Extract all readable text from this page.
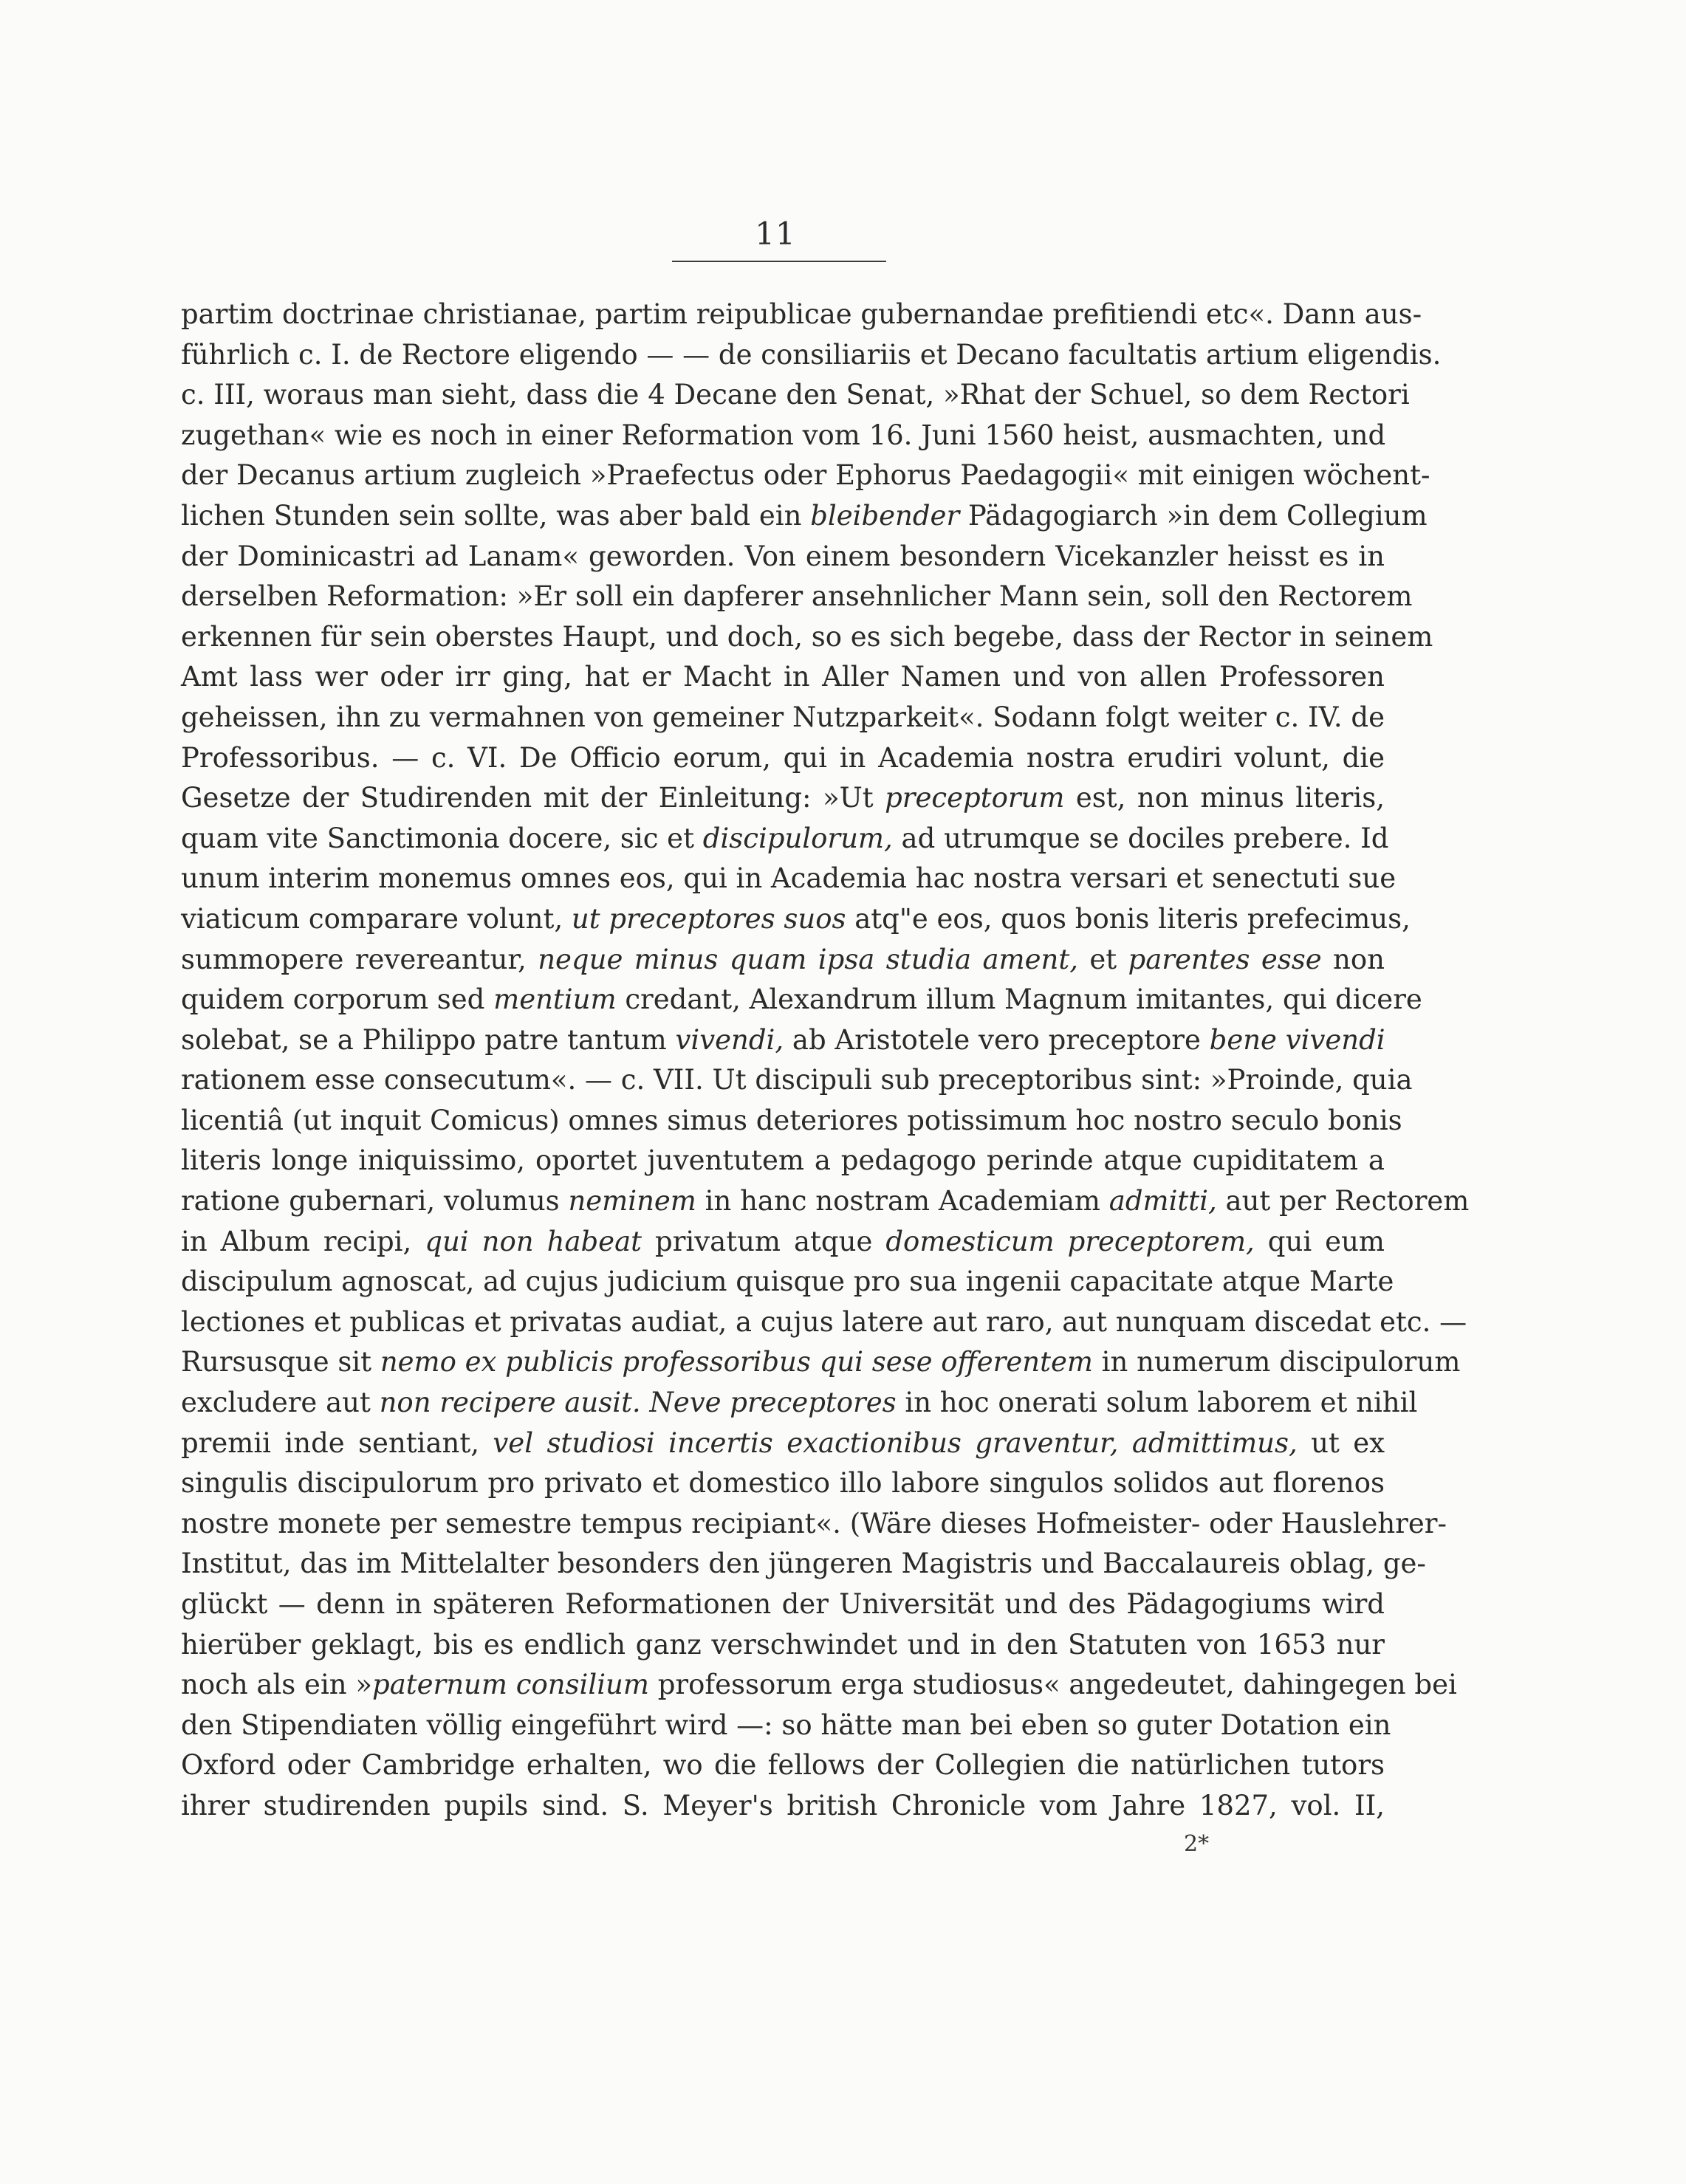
11
partim doctrinae christianae, partim reipublicae gubernandae prefitiendi etc«. Dann aus-
führlich c. I. de Rectore eligendo — — de consiliariis et Decano facultatis artium eligendis.
c. III, woraus man sieht, dass die 4 Decane den Senat, »Rhat der Schuel, so dem Rectori
zugethan« wie es noch in einer Reformation vom 16. Juni 1560 heist, ausmachten, und
der Decanus artium zugleich »Praefectus oder Ephorus Paedagogii« mit einigen wöchent-
lichen Stunden sein sollte, was aber bald ein bleibender Pädagogiarch »in dem Collegium
der Dominicastri ad Lanam« geworden. Von einem besondern Vicekanzler heisst es in
derselben Reformation: »Er soll ein dapferer ansehnlicher Mann sein, soll den Rectorem
erkennen für sein oberstes Haupt, und doch, so es sich begebe, dass der Rector in seinem
Amt lass wer oder irr ging, hat er Macht in Aller Namen und von allen Professoren
geheissen, ihn zu vermahnen von gemeiner Nutzparkeit«. Sodann folgt weiter c. IV. de
Professoribus. — c. VI. De Officio eorum, qui in Academia nostra erudiri volunt, die
Gesetze der Studirenden mit der Einleitung: »Ut preceptorum est, non minus literis,
quam vite Sanctimonia docere, sic et discipulorum, ad utrumque se dociles prebere. Id
unum interim monemus omnes eos, qui in Academia hac nostra versari et senectuti sue
viaticum comparare volunt, ut preceptores suos atq"e eos, quos bonis literis prefecimus,
summopere revereantur, neque minus quam ipsa studia ament, et parentes esse non
quidem corporum sed mentium credant, Alexandrum illum Magnum imitantes, qui dicere
solebat, se a Philippo patre tantum vivendi, ab Aristotele vero preceptore bene vivendi
rationem esse consecutum«. — c. VII. Ut discipuli sub preceptoribus sint: »Proinde, quia
licentiâ (ut inquit Comicus) omnes simus deteriores potissimum hoc nostro seculo bonis
literis longe iniquissimo, oportet juventutem a pedagogo perinde atque cupiditatem a
ratione gubernari, volumus neminem in hanc nostram Academiam admitti, aut per Rectorem
in Album recipi, qui non habeat privatum atque domesticum preceptorem, qui eum
discipulum agnoscat, ad cujus judicium quisque pro sua ingenii capacitate atque Marte
lectiones et publicas et privatas audiat, a cujus latere aut raro, aut nunquam discedat etc. —
Rursusque sit nemo ex publicis professoribus qui sese offerentem in numerum discipulorum
excludere aut non recipere ausit. Neve preceptores in hoc onerati solum laborem et nihil
premii inde sentiant, vel studiosi incertis exactionibus graventur, admittimus, ut ex
singulis discipulorum pro privato et domestico illo labore singulos solidos aut florenos
nostre monete per semestre tempus recipiant«. (Wäre dieses Hofmeister- oder Hauslehrer-
Institut, das im Mittelalter besonders den jüngeren Magistris und Baccalaureis oblag, ge-
glückt — denn in späteren Reformationen der Universität und des Pädagogiums wird
hierüber geklagt, bis es endlich ganz verschwindet und in den Statuten von 1653 nur
noch als ein »paternum consilium professorum erga studiosus« angedeutet, dahingegen bei
den Stipendiaten völlig eingeführt wird —: so hätte man bei eben so guter Dotation ein
Oxford oder Cambridge erhalten, wo die fellows der Collegien die natürlichen tutors
ihrer studirenden pupils sind. S. Meyer's british Chronicle vom Jahre 1827, vol. II,
2*
